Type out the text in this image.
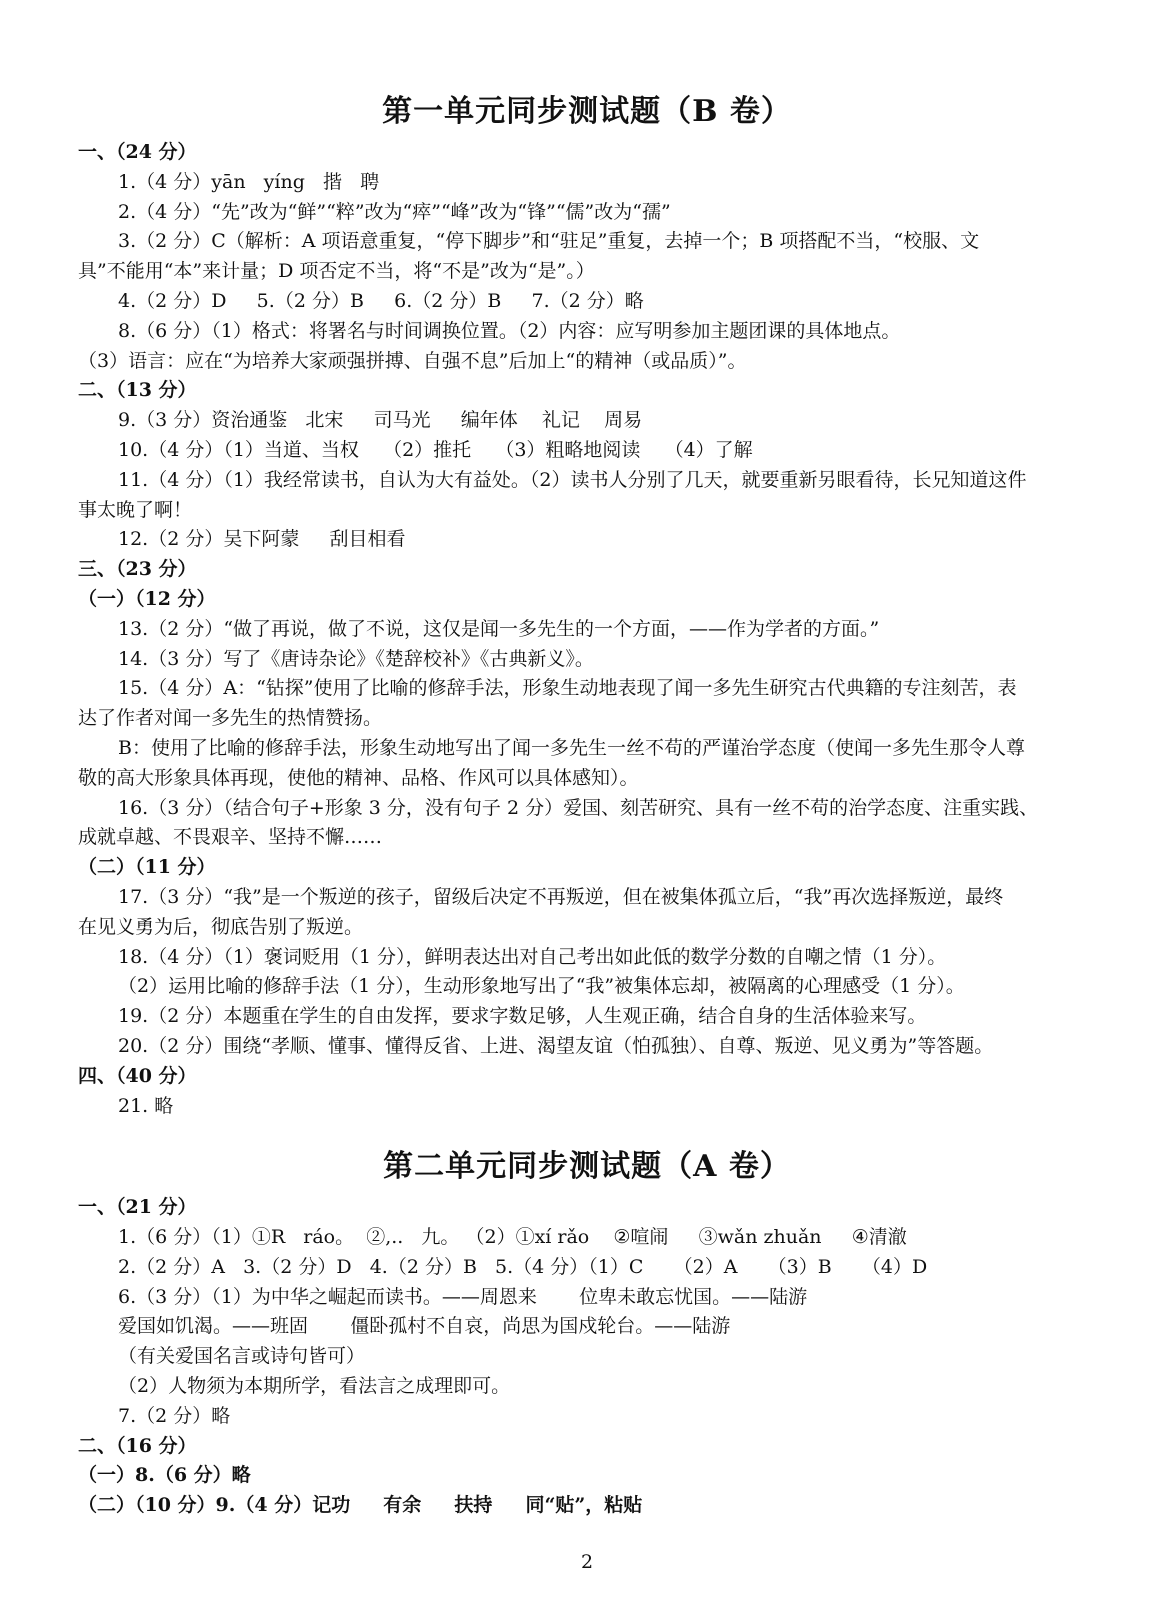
第一单元同步测试题（B 卷）
一、（24 分）
1.（4 分）yān   yíng   揩   聘
2.（4 分）“先”改为“鲜”“粹”改为“瘁”“峰”改为“锋”“儒”改为“孺”
3.（2 分）C（解析：A 项语意重复，“停下脚步”和“驻足”重复，去掉一个；B 项搭配不当，“校服、文
具”不能用“本”来计量；D 项否定不当，将“不是”改为“是”。）
4.（2 分）D     5.（2 分）B     6.（2 分）B     7.（2 分）略
8.（6 分）（1）格式：将署名与时间调换位置。（2）内容：应写明参加主题团课的具体地点。
（3）语言：应在“为培养大家顽强拼搏、自强不息”后加上“的精神（或品质）”。
二、（13 分）
9.（3 分）资治通鉴   北宋     司马光     编年体    礼记    周易
10.（4 分）（1）当道、当权    （2）推托    （3）粗略地阅读    （4）了解
11.（4 分）（1）我经常读书，自认为大有益处。（2）读书人分别了几天，就要重新另眼看待，长兄知道这件
事太晚了啊！
12.（2 分）吴下阿蒙     刮目相看
三、（23 分）
（一）（12 分）
13.（2 分）“做了再说，做了不说，这仅是闻一多先生的一个方面，——作为学者的方面。”
14.（3 分）写了《唐诗杂论》《楚辞校补》《古典新义》。
15.（4 分）A：“钻探”使用了比喻的修辞手法，形象生动地表现了闻一多先生研究古代典籍的专注刻苦，表
达了作者对闻一多先生的热情赞扬。
B：使用了比喻的修辞手法，形象生动地写出了闻一多先生一丝不苟的严谨治学态度（使闻一多先生那令人尊
敬的高大形象具体再现，使他的精神、品格、作风可以具体感知）。
16.（3 分）（结合句子+形象 3 分，没有句子 2 分）爱国、刻苦研究、具有一丝不苟的治学态度、注重实践、
成就卓越、不畏艰辛、坚持不懈……
（二）（11 分）
17.（3 分）“我”是一个叛逆的孩子，留级后决定不再叛逆，但在被集体孤立后，“我”再次选择叛逆，最终
在见义勇为后，彻底告别了叛逆。
18.（4 分）（1）褒词贬用（1 分），鲜明表达出对自己考出如此低的数学分数的自嘲之情（1 分）。
（2）运用比喻的修辞手法（1 分），生动形象地写出了“我”被集体忘却，被隔离的心理感受（1 分）。
19.（2 分）本题重在学生的自由发挥，要求字数足够，人生观正确，结合自身的生活体验来写。
20.（2 分）围绕“孝顺、懂事、懂得反省、上进、渴望友谊（怕孤独）、自尊、叛逆、见义勇为”等答题。
四、（40 分）
21. 略
第二单元同步测试题（A 卷）
一、（21 分）
1.（6 分）（1）①R   ráo。  ②,..   九。 （2）①xí rǎo    ②喧闹     ③wǎn zhuǎn     ④清澈
2.（2 分）A   3.（2 分）D   4.（2 分）B   5.（4 分）（1）C     （2）A     （3）B     （4）D
6.（3 分）（1）为中华之崛起而读书。——周恩来       位卑未敢忘忧国。——陆游
爱国如饥渴。——班固       僵卧孤村不自哀，尚思为国戍轮台。——陆游
（有关爱国名言或诗句皆可）
（2）人物须为本期所学，看法言之成理即可。
7.（2 分）略
二、（16 分）
（一）8.（6 分）略
（二）（10 分）9.（4 分）记功     有余     扶持     同“贴”，粘贴
2
